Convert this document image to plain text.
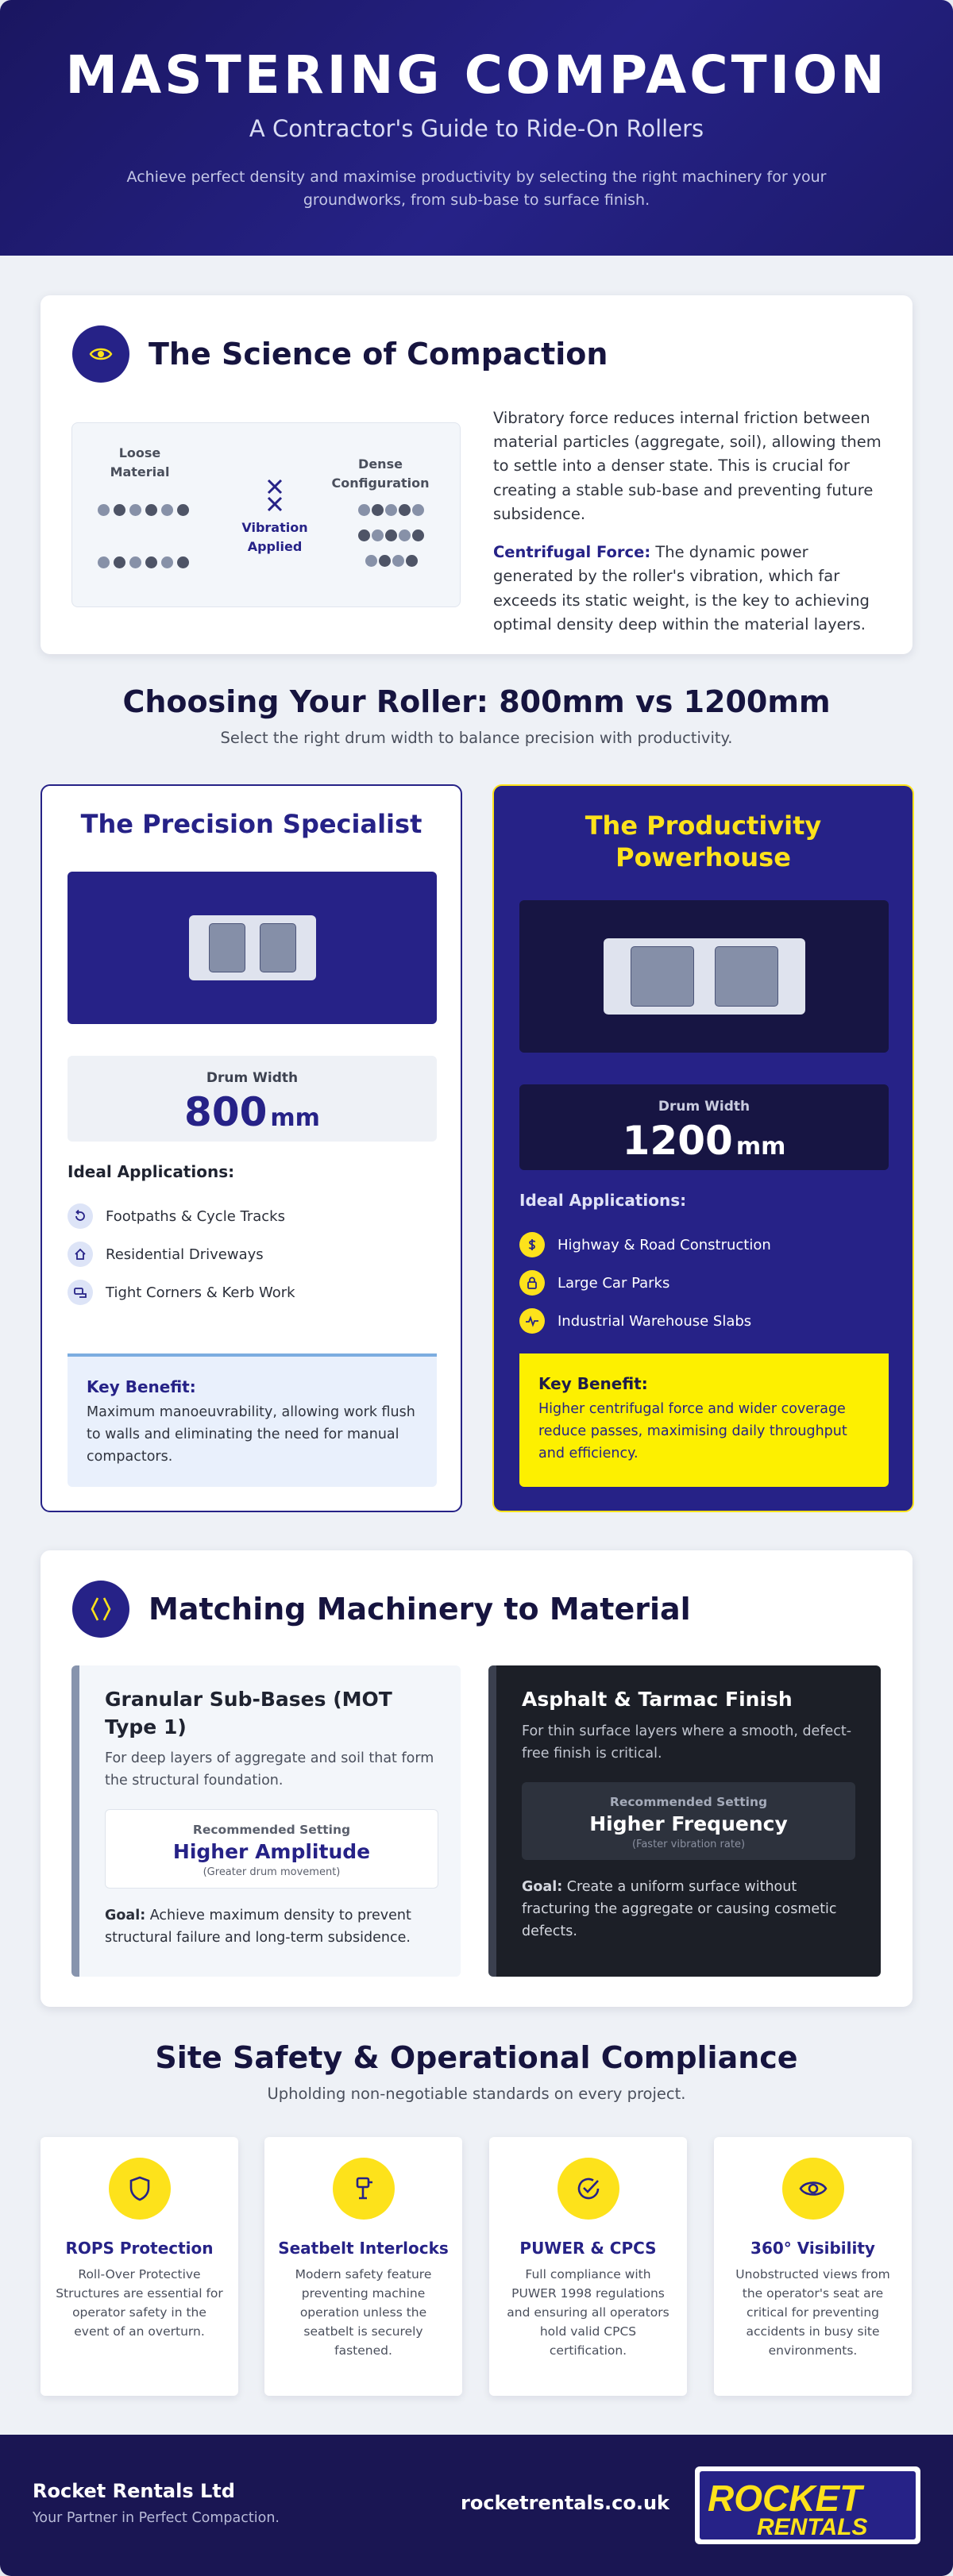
MASTERING COMPACTION
A Contractor's Guide to Ride-On Rollers
Achieve perfect density and maximise productivity by selecting the right machinery for your groundworks, from sub-base to surface finish.
The Science of Compaction
Loose Material
Vibration Applied
Dense Configuration

Vibratory force reduces internal friction between material particles (aggregate, soil), allowing them to settle into a denser state. This is crucial for creating a stable sub-base and preventing future subsidence.

Centrifugal Force: The dynamic power generated by the roller's vibration, which far exceeds its static weight, is the key to achieving optimal density deep within the material layers.

Choosing Your Roller: 800mm vs 1200mm
Select the right drum width to balance precision with productivity.
The Precision Specialist
Drum Width
800 mm
Ideal Applications:
Footpaths & Cycle Tracks
Residential Driveways
Tight Corners & Kerb Work
Key Benefit:

Maximum manoeuvrability, allowing work flush to walls and eliminating the need for manual compactors.

The Productivity Powerhouse
Drum Width
1200 mm
Ideal Applications:
Highway & Road Construction
Large Car Parks
Industrial Warehouse Slabs
Key Benefit:

Higher centrifugal force and wider coverage reduce passes, maximising daily throughput and efficiency.

Matching Machinery to Material
Granular Sub-Bases (MOT Type 1)
For deep layers of aggregate and soil that form the structural foundation.
Recommended Setting
Higher Amplitude
(Greater drum movement)
Goal: Achieve maximum density to prevent structural failure and long-term subsidence.
Asphalt & Tarmac Finish
For thin surface layers where a smooth, defect-free finish is critical.
Recommended Setting
Higher Frequency
(Faster vibration rate)
Goal: Create a uniform surface without fracturing the aggregate or causing cosmetic defects.
Site Safety & Operational Compliance
Upholding non-negotiable standards on every project.
ROPS Protection

Roll-Over Protective Structures are essential for operator safety in the event of an overturn.

Seatbelt Interlocks

Modern safety feature preventing machine operation unless the seatbelt is securely fastened.

PUWER & CPCS

Full compliance with PUWER 1998 regulations and ensuring all operators hold valid CPCS certification.

360° Visibility

Unobstructed views from the operator's seat are critical for preventing accidents in busy site environments.

Rocket Rentals Ltd
Your Partner in Perfect Compaction.
rocketrentals.co.uk ROCKET
RENTALS
